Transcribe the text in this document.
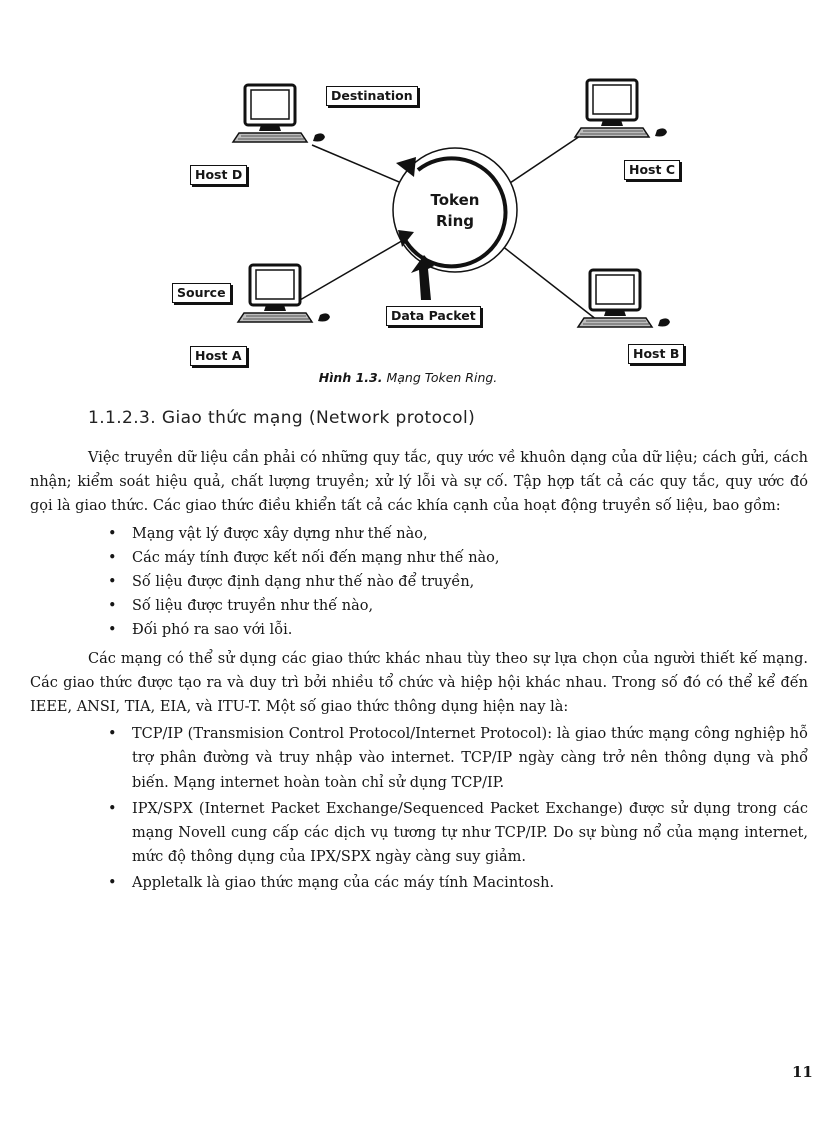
Destination
Host D	Host C
Source
Data Packet
Host A	Host B
Token
Ring
Hình 1.3. Mạng Token Ring.
1.1.2.3. Giao thức mạng (Network protocol)

Việc truyền dữ liệu cần phải có những quy tắc, quy ước về khuôn dạng của dữ liệu; cách gửi, cách nhận; kiểm soát hiệu quả, chất lượng truyền; xử lý lỗi và sự cố. Tập hợp tất cả các quy tắc, quy ước đó gọi là giao thức. Các giao thức điều khiển tất cả các khía cạnh của hoạt động truyền số liệu, bao gồm:

• Mạng vật lý được xây dựng như thế nào,
• Các máy tính được kết nối đến mạng như thế nào,
• Số liệu được định dạng như thế nào để truyền,
• Số liệu được truyền như thế nào,
• Đối phó ra sao với lỗi.

Các mạng có thể sử dụng các giao thức khác nhau tùy theo sự lựa chọn của người thiết kế mạng. Các giao thức được tạo ra và duy trì bởi nhiều tổ chức và hiệp hội khác nhau. Trong số đó có thể kể đến IEEE, ANSI, TIA, EIA, và ITU-T. Một số giao thức thông dụng hiện nay là:

• TCP/IP (Transmision Control Protocol/Internet Protocol): là giao thức mạng công nghiệp hỗ trợ phân đường và truy nhập vào internet. TCP/IP ngày càng trở nên thông dụng và phổ biến. Mạng internet hoàn toàn chỉ sử dụng TCP/IP.
• IPX/SPX (Internet Packet Exchange/Sequenced Packet Exchange) được sử dụng trong các mạng Novell cung cấp các dịch vụ tương tự như TCP/IP. Do sự bùng nổ của mạng internet, mức độ thông dụng của IPX/SPX ngày càng suy giảm.
• Appletalk là giao thức mạng của các máy tính Macintosh.
11
